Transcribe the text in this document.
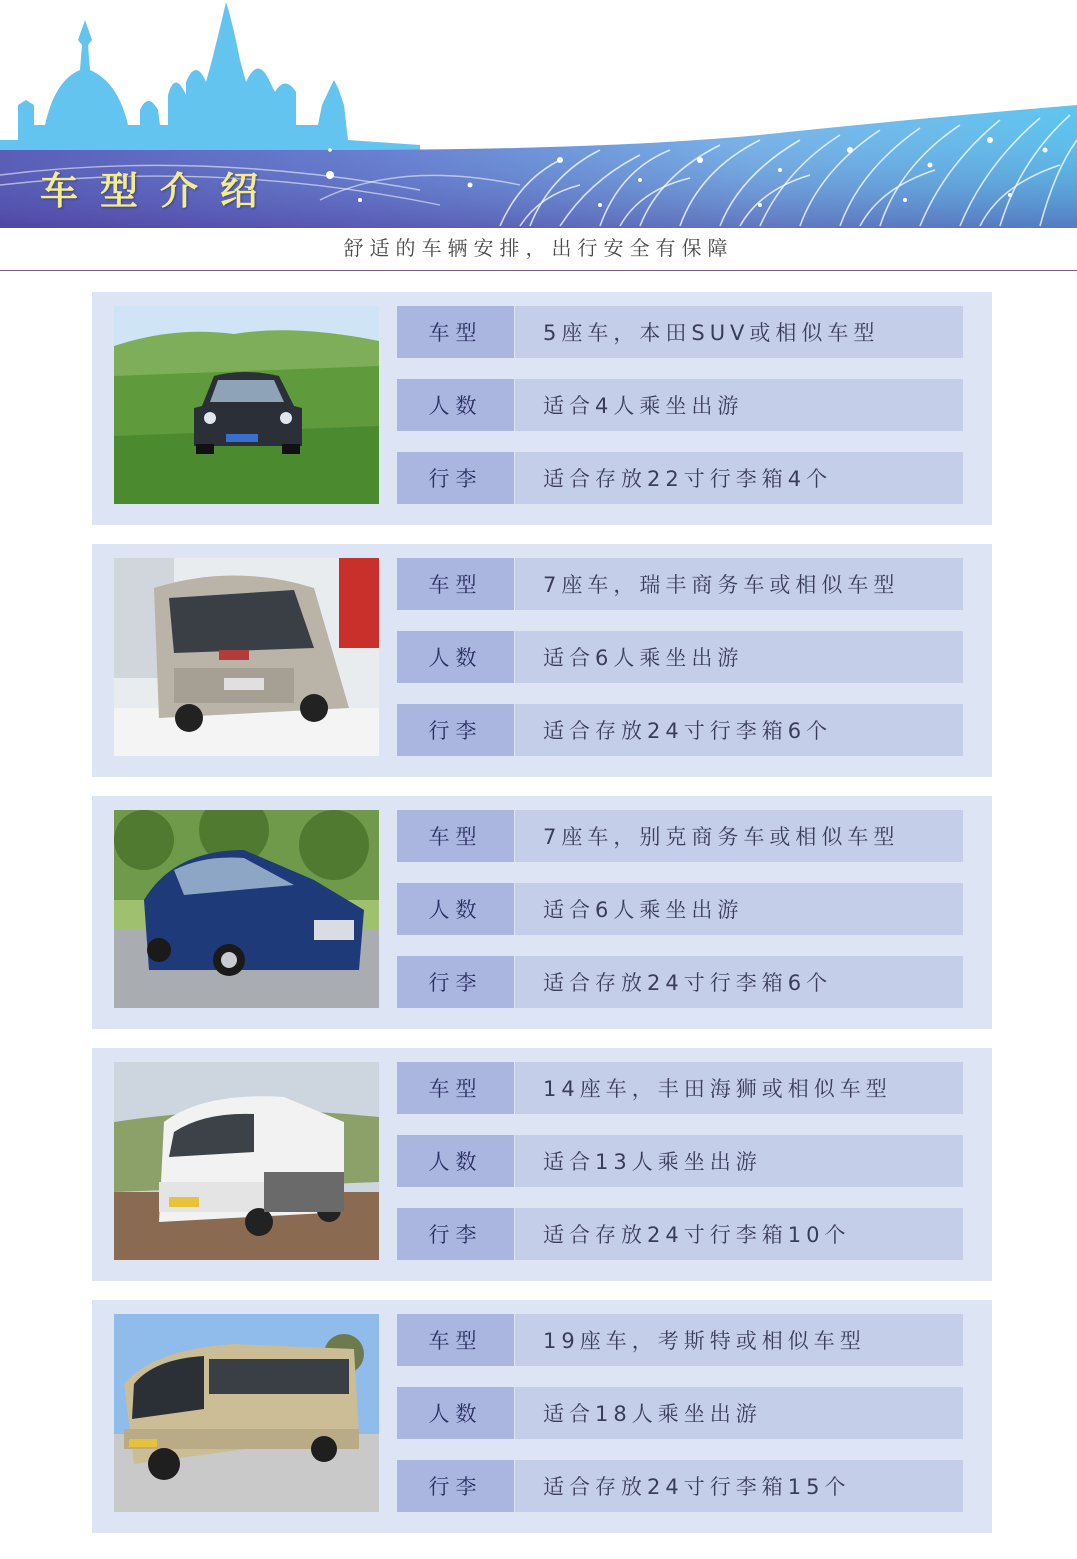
车型介绍
舒适的车辆安排，出行安全有保障
车型	5座车，本田SUV或相似车型
人数	适合4人乘坐出游
行李	适合存放22寸行李箱4个
车型	7座车，瑞丰商务车或相似车型
人数	适合6人乘坐出游
行李	适合存放24寸行李箱6个
车型	7座车，别克商务车或相似车型
人数	适合6人乘坐出游
行李	适合存放24寸行李箱6个
车型	14座车，丰田海狮或相似车型
人数	适合13人乘坐出游
行李	适合存放24寸行李箱10个
车型	19座车，考斯特或相似车型
人数	适合18人乘坐出游
行李	适合存放24寸行李箱15个
